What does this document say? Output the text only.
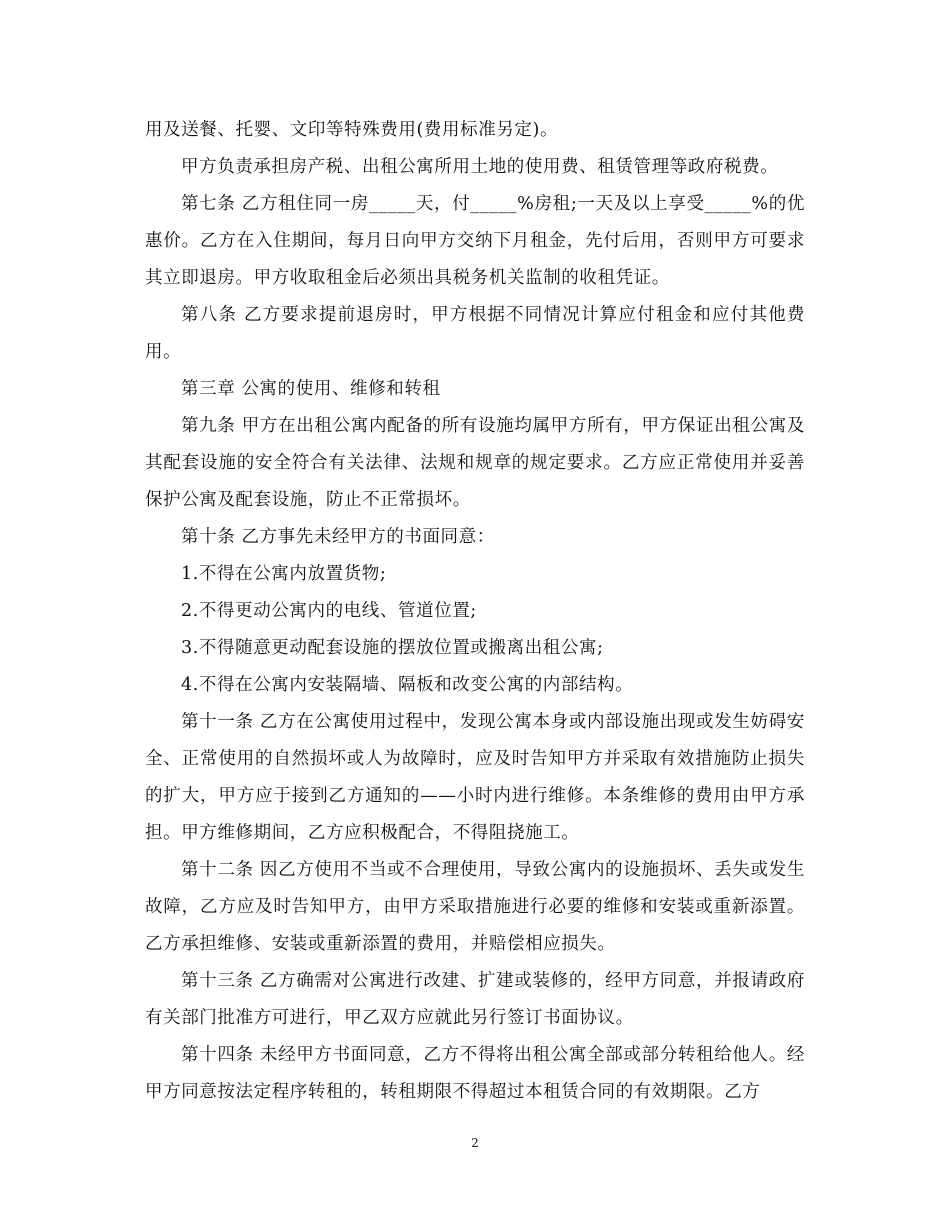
用及送餐、托婴、文印等特殊费用(费用标准另定)。

甲方负责承担房产税、出租公寓所用土地的使用费、租赁管理等政府税费。

第七条 乙方租住同一房_____天，付_____%房租;一天及以上享受_____%的优惠价。乙方在入住期间，每月日向甲方交纳下月租金，先付后用，否则甲方可要求其立即退房。甲方收取租金后必须出具税务机关监制的收租凭证。

第八条 乙方要求提前退房时，甲方根据不同情况计算应付租金和应付其他费用。

第三章 公寓的使用、维修和转租

第九条 甲方在出租公寓内配备的所有设施均属甲方所有，甲方保证出租公寓及其配套设施的安全符合有关法律、法规和规章的规定要求。乙方应正常使用并妥善保护公寓及配套设施，防止不正常损坏。

第十条 乙方事先未经甲方的书面同意：

1.不得在公寓内放置货物;

2.不得更动公寓内的电线、管道位置;

3.不得随意更动配套设施的摆放位置或搬离出租公寓;

4.不得在公寓内安装隔墙、隔板和改变公寓的内部结构。

第十一条 乙方在公寓使用过程中，发现公寓本身或内部设施出现或发生妨碍安全、正常使用的自然损坏或人为故障时，应及时告知甲方并采取有效措施防止损失的扩大，甲方应于接到乙方通知的——小时内进行维修。本条维修的费用由甲方承担。甲方维修期间，乙方应积极配合，不得阻挠施工。

第十二条 因乙方使用不当或不合理使用，导致公寓内的设施损坏、丢失或发生故障，乙方应及时告知甲方，由甲方采取措施进行必要的维修和安装或重新添置。乙方承担维修、安装或重新添置的费用，并赔偿相应损失。

第十三条 乙方确需对公寓进行改建、扩建或装修的，经甲方同意，并报请政府有关部门批准方可进行，甲乙双方应就此另行签订书面协议。

第十四条 未经甲方书面同意，乙方不得将出租公寓全部或部分转租给他人。经甲方同意按法定程序转租的，转租期限不得超过本租赁合同的有效期限。乙方

2
